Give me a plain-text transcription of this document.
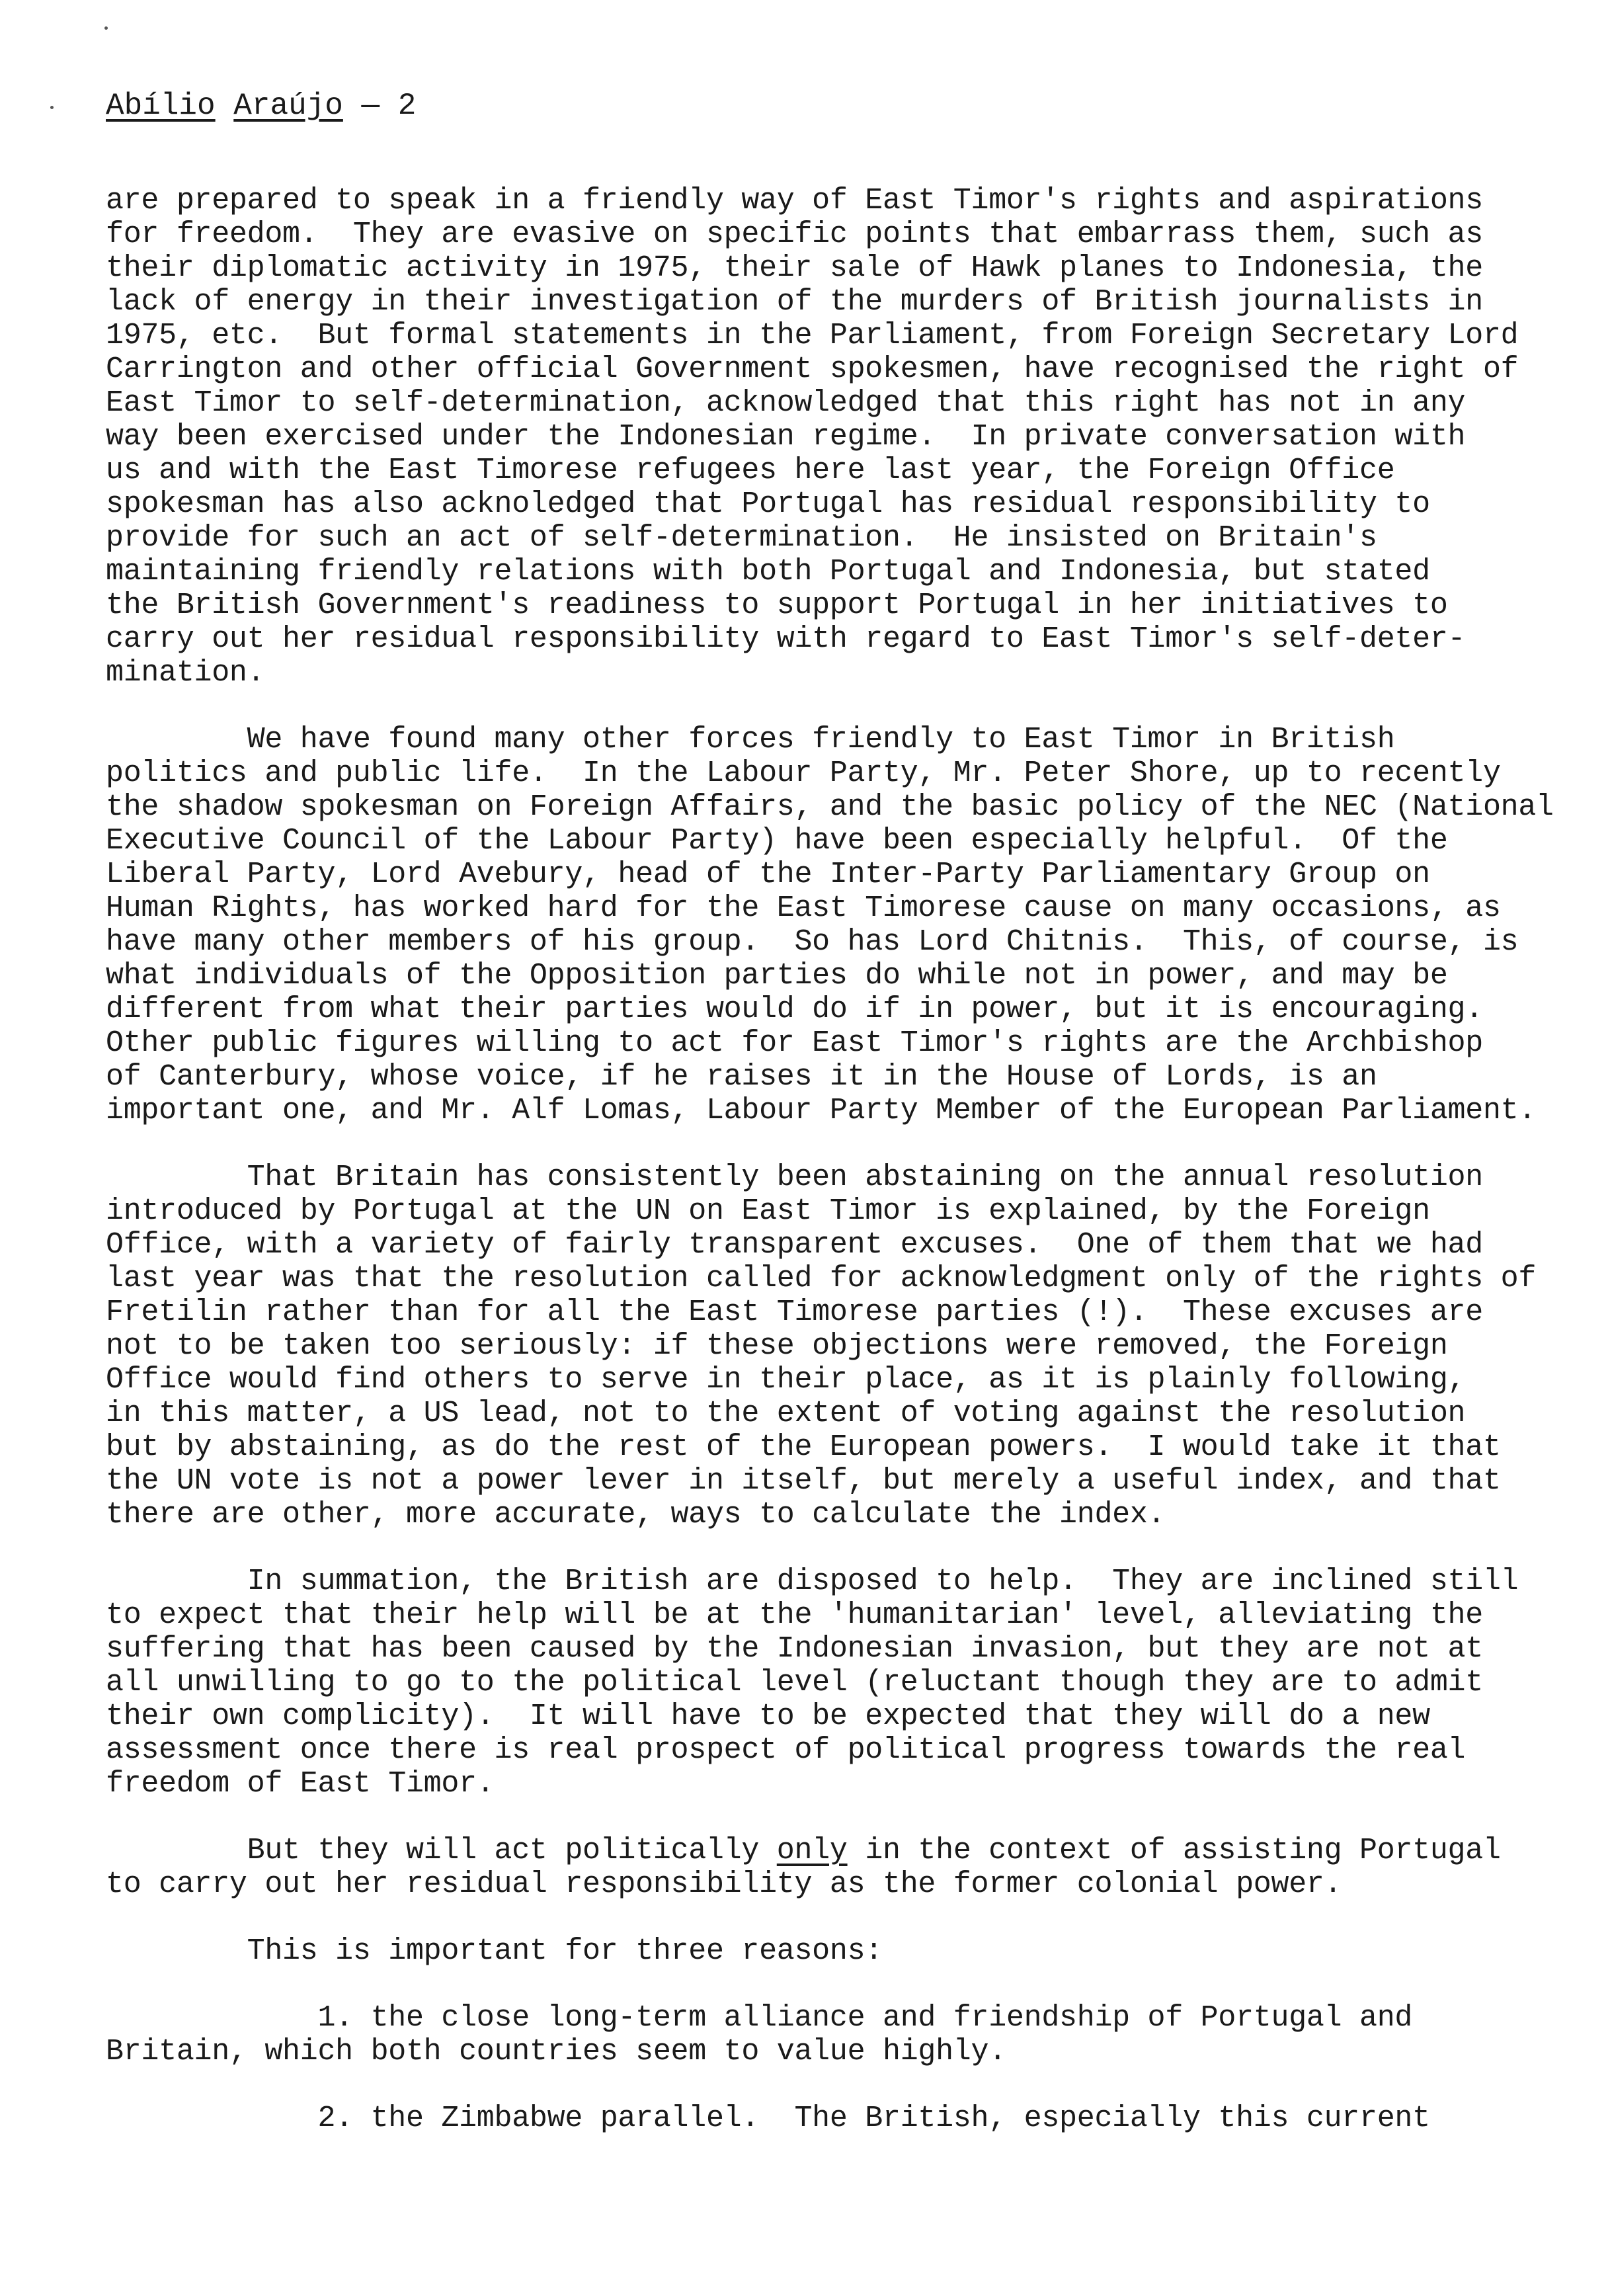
Abílio Araújo — 2

are prepared to speak in a friendly way of East Timor's rights and aspirations
for freedom.  They are evasive on specific points that embarrass them, such as
their diplomatic activity in 1975, their sale of Hawk planes to Indonesia, the
lack of energy in their investigation of the murders of British journalists in
1975, etc.  But formal statements in the Parliament, from Foreign Secretary Lord
Carrington and other official Government spokesmen, have recognised the right of
East Timor to self-determination, acknowledged that this right has not in any
way been exercised under the Indonesian regime.  In private conversation with
us and with the East Timorese refugees here last year, the Foreign Office
spokesman has also acknoledged that Portugal has residual responsibility to
provide for such an act of self-determination.  He insisted on Britain's
maintaining friendly relations with both Portugal and Indonesia, but stated
the British Government's readiness to support Portugal in her initiatives to
carry out her residual responsibility with regard to East Timor's self-deter-
mination.

We have found many other forces friendly to East Timor in British
politics and public life.  In the Labour Party, Mr. Peter Shore, up to recently
the shadow spokesman on Foreign Affairs, and the basic policy of the NEC (National
Executive Council of the Labour Party) have been especially helpful.  Of the
Liberal Party, Lord Avebury, head of the Inter-Party Parliamentary Group on
Human Rights, has worked hard for the East Timorese cause on many occasions, as
have many other members of his group.  So has Lord Chitnis.  This, of course, is
what individuals of the Opposition parties do while not in power, and may be
different from what their parties would do if in power, but it is encouraging.
Other public figures willing to act for East Timor's rights are the Archbishop
of Canterbury, whose voice, if he raises it in the House of Lords, is an
important one, and Mr. Alf Lomas, Labour Party Member of the European Parliament.

That Britain has consistently been abstaining on the annual resolution
introduced by Portugal at the UN on East Timor is explained, by the Foreign
Office, with a variety of fairly transparent excuses.  One of them that we had
last year was that the resolution called for acknowledgment only of the rights of
Fretilin rather than for all the East Timorese parties (!).  These excuses are
not to be taken too seriously: if these objections were removed, the Foreign
Office would find others to serve in their place, as it is plainly following,
in this matter, a US lead, not to the extent of voting against the resolution
but by abstaining, as do the rest of the European powers.  I would take it that
the UN vote is not a power lever in itself, but merely a useful index, and that
there are other, more accurate, ways to calculate the index.

In summation, the British are disposed to help.  They are inclined still
to expect that their help will be at the 'humanitarian' level, alleviating the
suffering that has been caused by the Indonesian invasion, but they are not at
all unwilling to go to the political level (reluctant though they are to admit
their own complicity).  It will have to be expected that they will do a new
assessment once there is real prospect of political progress towards the real
freedom of East Timor.

But they will act politically only in the context of assisting Portugal
to carry out her residual responsibility as the former colonial power.

This is important for three reasons:

1. the close long-term alliance and friendship of Portugal and
Britain, which both countries seem to value highly.

2. the Zimbabwe parallel.  The British, especially this current
